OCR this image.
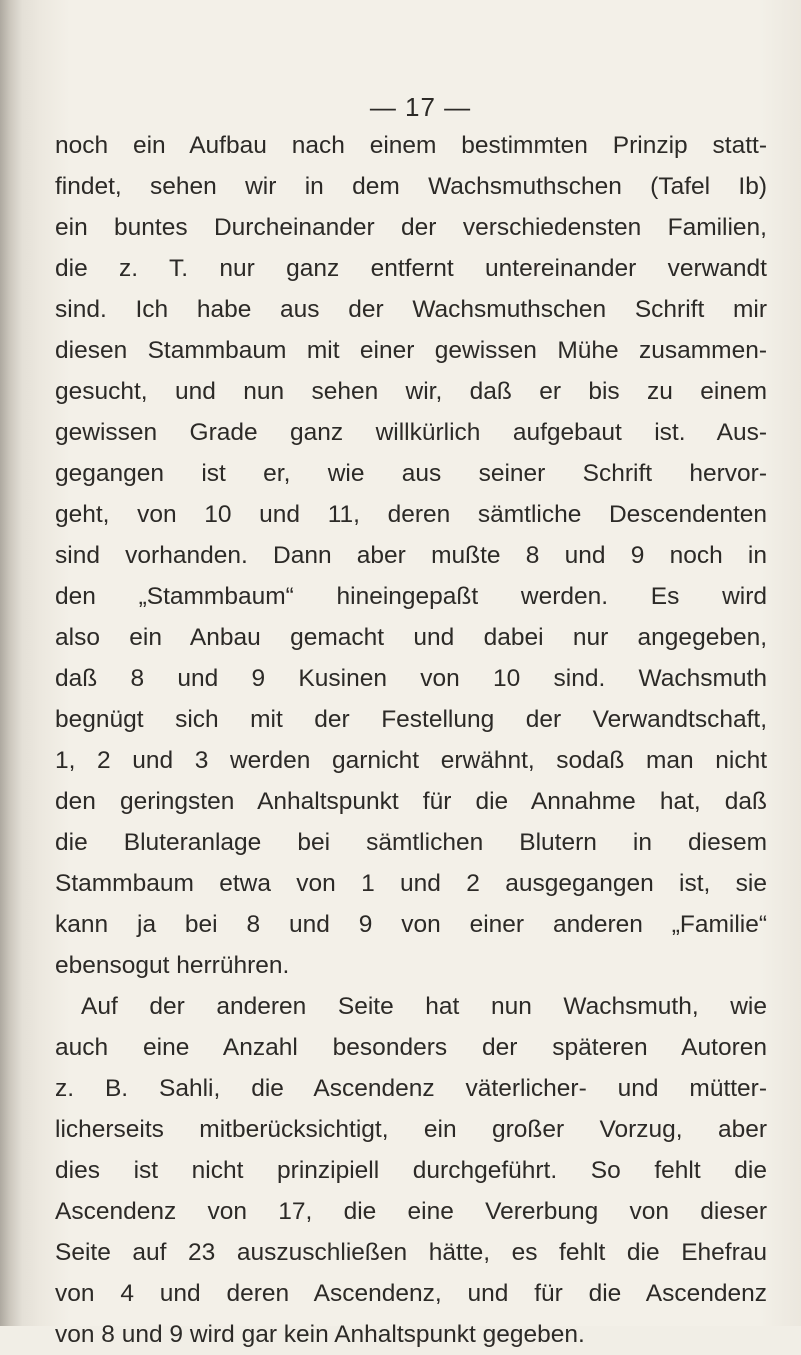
— 17 —
noch ein Aufbau nach einem bestimmten Prinzip statt-
findet, sehen wir in dem Wachsmuthschen (Tafel Ib)
ein buntes Durcheinander der verschiedensten Familien,
die z. T. nur ganz entfernt untereinander verwandt
sind. Ich habe aus der Wachsmuthschen Schrift mir
diesen Stammbaum mit einer gewissen Mühe zusammen-
gesucht, und nun sehen wir, daß er bis zu einem
gewissen Grade ganz willkürlich aufgebaut ist. Aus-
gegangen ist er, wie aus seiner Schrift hervor-
geht, von 10 und 11, deren sämtliche Descendenten
sind vorhanden. Dann aber mußte 8 und 9 noch in
den „Stammbaum“ hineingepaßt werden. Es wird
also ein Anbau gemacht und dabei nur angegeben,
daß 8 und 9 Kusinen von 10 sind. Wachsmuth
begnügt sich mit der Festellung der Verwandtschaft,
1, 2 und 3 werden garnicht erwähnt, sodaß man nicht
den geringsten Anhaltspunkt für die Annahme hat, daß
die Bluteranlage bei sämtlichen Blutern in diesem
Stammbaum etwa von 1 und 2 ausgegangen ist, sie
kann ja bei 8 und 9 von einer anderen „Familie“
ebensogut herrühren.
Auf der anderen Seite hat nun Wachsmuth, wie
auch eine Anzahl besonders der späteren Autoren
z. B. Sahli, die Ascendenz väterlicher- und mütter-
licherseits mitberücksichtigt, ein großer Vorzug, aber
dies ist nicht prinzipiell durchgeführt. So fehlt die
Ascendenz von 17, die eine Vererbung von dieser
Seite auf 23 auszuschließen hätte, es fehlt die Ehefrau
von 4 und deren Ascendenz, und für die Ascendenz
von 8 und 9 wird gar kein Anhaltspunkt gegeben.
